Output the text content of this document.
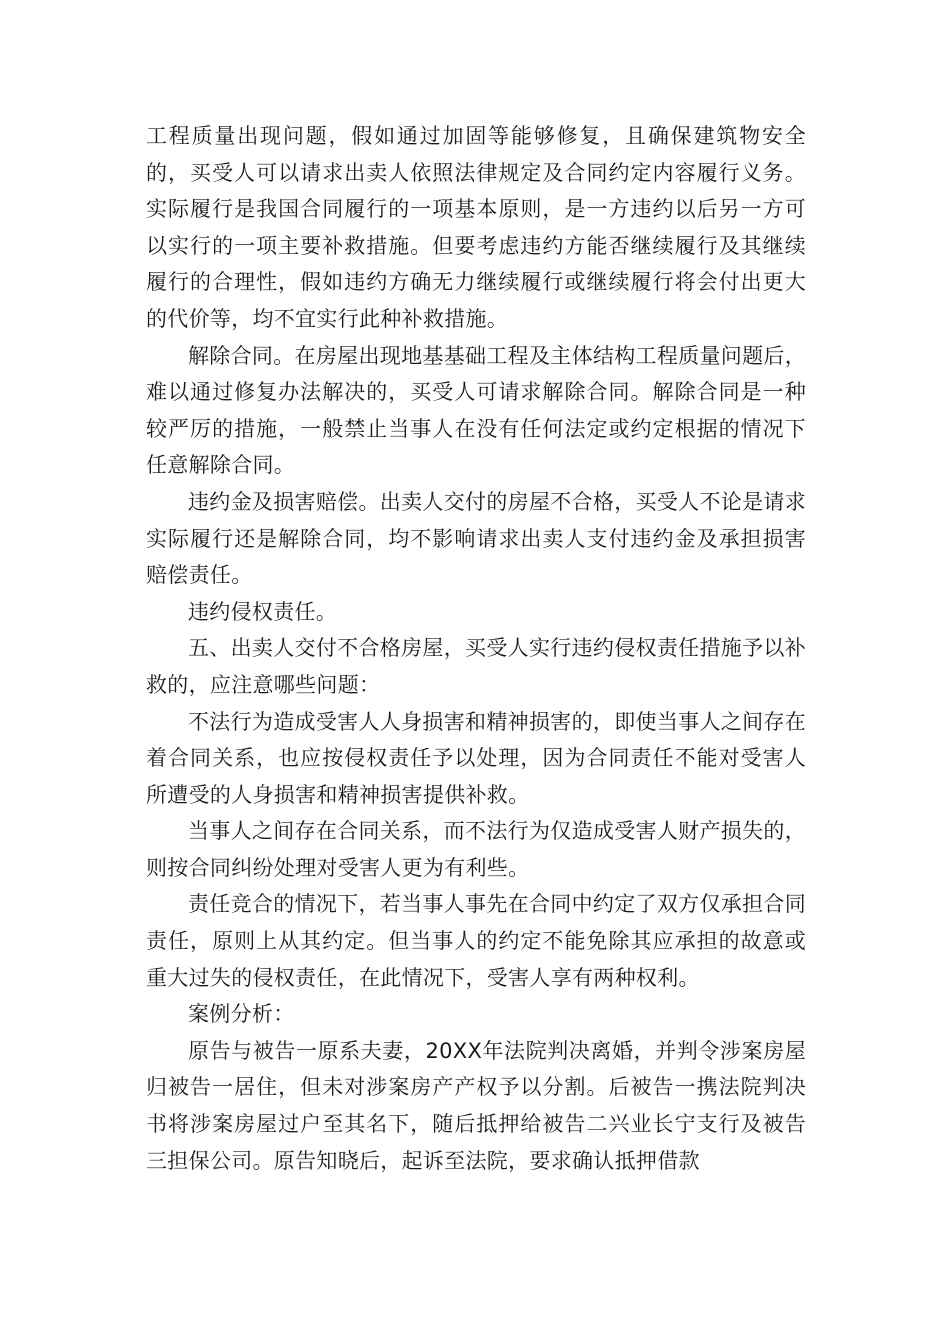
工程质量出现问题，假如通过加固等能够修复，且确保建筑物安全的，买受人可以请求出卖人依照法律规定及合同约定内容履行义务。实际履行是我国合同履行的一项基本原则，是一方违约以后另一方可以实行的一项主要补救措施。但要考虑违约方能否继续履行及其继续履行的合理性，假如违约方确无力继续履行或继续履行将会付出更大的代价等，均不宜实行此种补救措施。

解除合同。在房屋出现地基基础工程及主体结构工程质量问题后，难以通过修复办法解决的，买受人可请求解除合同。解除合同是一种较严厉的措施，一般禁止当事人在没有任何法定或约定根据的情况下任意解除合同。

违约金及损害赔偿。出卖人交付的房屋不合格，买受人不论是请求实际履行还是解除合同，均不影响请求出卖人支付违约金及承担损害赔偿责任。

违约侵权责任。

五、出卖人交付不合格房屋，买受人实行违约侵权责任措施予以补救的，应注意哪些问题：

不法行为造成受害人人身损害和精神损害的，即使当事人之间存在着合同关系，也应按侵权责任予以处理，因为合同责任不能对受害人所遭受的人身损害和精神损害提供补救。

当事人之间存在合同关系，而不法行为仅造成受害人财产损失的，则按合同纠纷处理对受害人更为有利些。

责任竞合的情况下，若当事人事先在合同中约定了双方仅承担合同责任，原则上从其约定。但当事人的约定不能免除其应承担的故意或重大过失的侵权责任，在此情况下，受害人享有两种权利。

案例分析：

原告与被告一原系夫妻，20XX年法院判决离婚，并判令涉案房屋归被告一居住，但未对涉案房产产权予以分割。后被告一携法院判决书将涉案房屋过户至其名下，随后抵押给被告二兴业长宁支行及被告三担保公司。原告知晓后，起诉至法院，要求确认抵押借款
